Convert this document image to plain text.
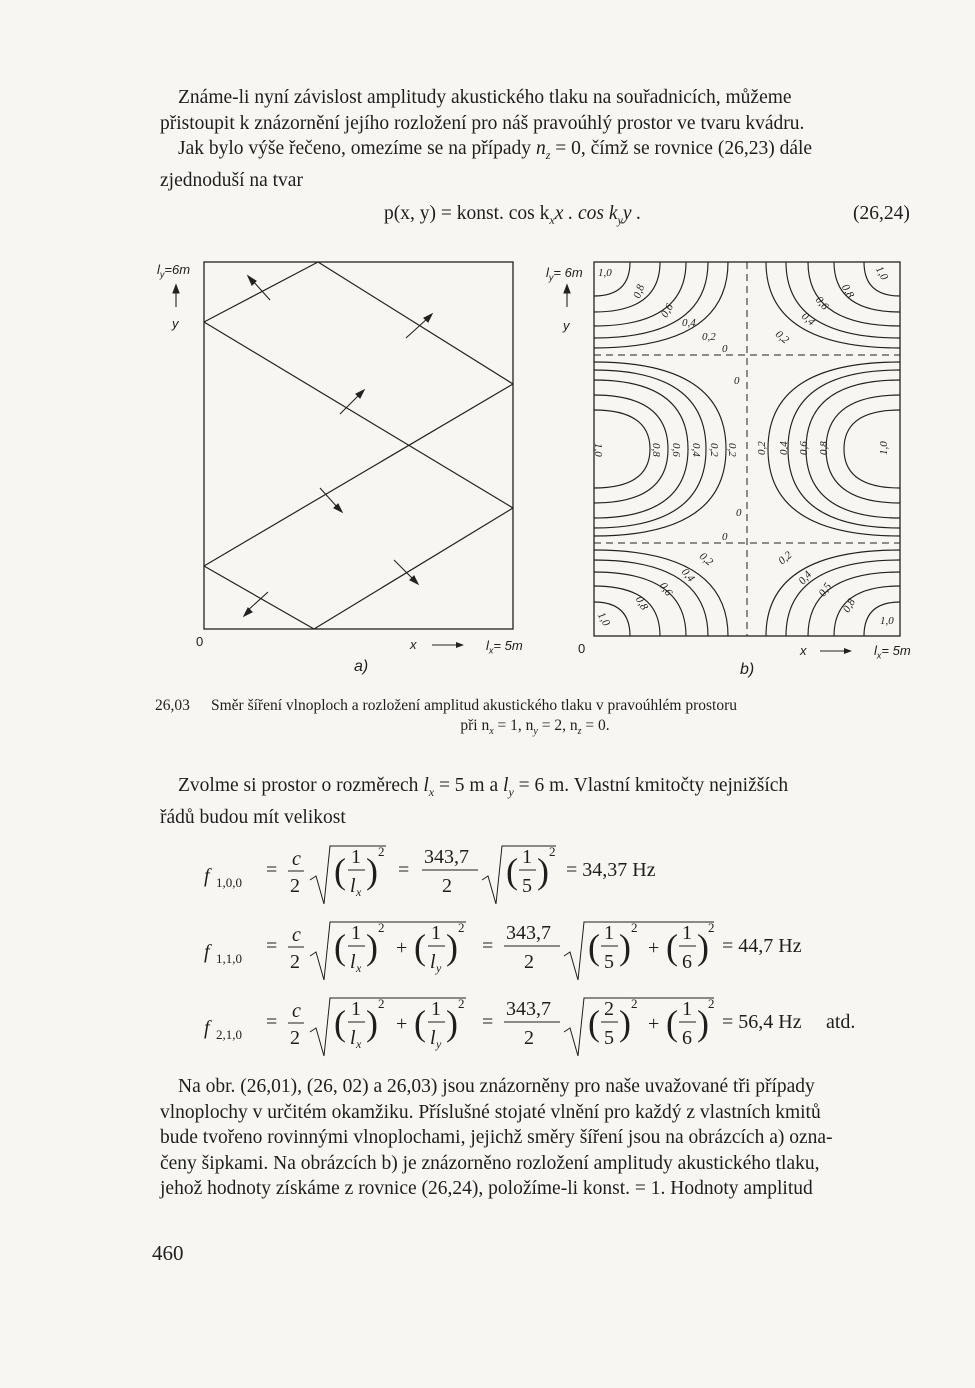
Známe-li nyní závislost amplitudy akustického tlaku na souřadnicích, můžeme
přistoupit k znázornění jejího rozložení pro náš pravoúhlý prostor ve tvaru kvádru.
Jak bylo výše řečeno, omezíme se na případy $n_z = 0$, čímž se rovnice (26,23) dále
zjednoduší na tvar
p(x, y) = konst. $\cos k_xx$ . $\cos k_yy$ .	(26,24)
$l_y=6m$
y
0	x	$l_x= 5m$
a)
1,0
0,8
0,6
0,4
0,2
0
0,2
0,4
0,6
0,8
1,0
0
1,0	0,8 0,6 0,4 0,2 0,2 0,2 0,4 0,6 0,8	1,0
0
0
0,2
0,4
0,6
0,8
1,0
0,2
0,4
0,5
0,8
1,0
$l_y= 6m$
y
0	x	$l_x= 5m$
b)
26,03 Směr šíření vlnoploch a rozložení amplitud akustického tlaku v pravoúhlém prostoru
při $n_x = 1$, $n_y = 2$, $n_z = 0$.
Zvolme si prostor o rozměrech $l_x = 5$ m a $l_y = 6$ m. Vlastní kmitočty nejnižších
řádů budou mít velikost
f 1,0,0
= c
2 ( 1
l x
) 2
=
343,7
2 ( 1
5 ) 2
= 34,37 Hz
f 1,1,0
= c
2 ( 1
l x
) 2
+ ( 1
l y
) 2
=
343,7
2 ( 1
5 ) 2
+ ( 1
6 ) 2
= 44,7 Hz
f 2,1,0
= c
2 ( 1
l x
) 2
+ ( 1
l y
) 2
=
343,7
2 ( 2
5 ) 2
+ ( 1
6 ) 2
= 56,4 Hz atd.
Na obr. (26,01), (26, 02) a 26,03) jsou znázorněny pro naše uvažované tři případy
vlnoplochy v určitém okamžiku. Příslušné stojaté vlnění pro každý z vlastních kmitů
bude tvořeno rovinnými vlnoplochami, jejichž směry šíření jsou na obrázcích a) ozna-
čeny šipkami. Na obrázcích b) je znázorněno rozložení amplitudy akustického tlaku,
jehož hodnoty získáme z rovnice (26,24), položíme-li konst. = 1. Hodnoty amplitud
460
